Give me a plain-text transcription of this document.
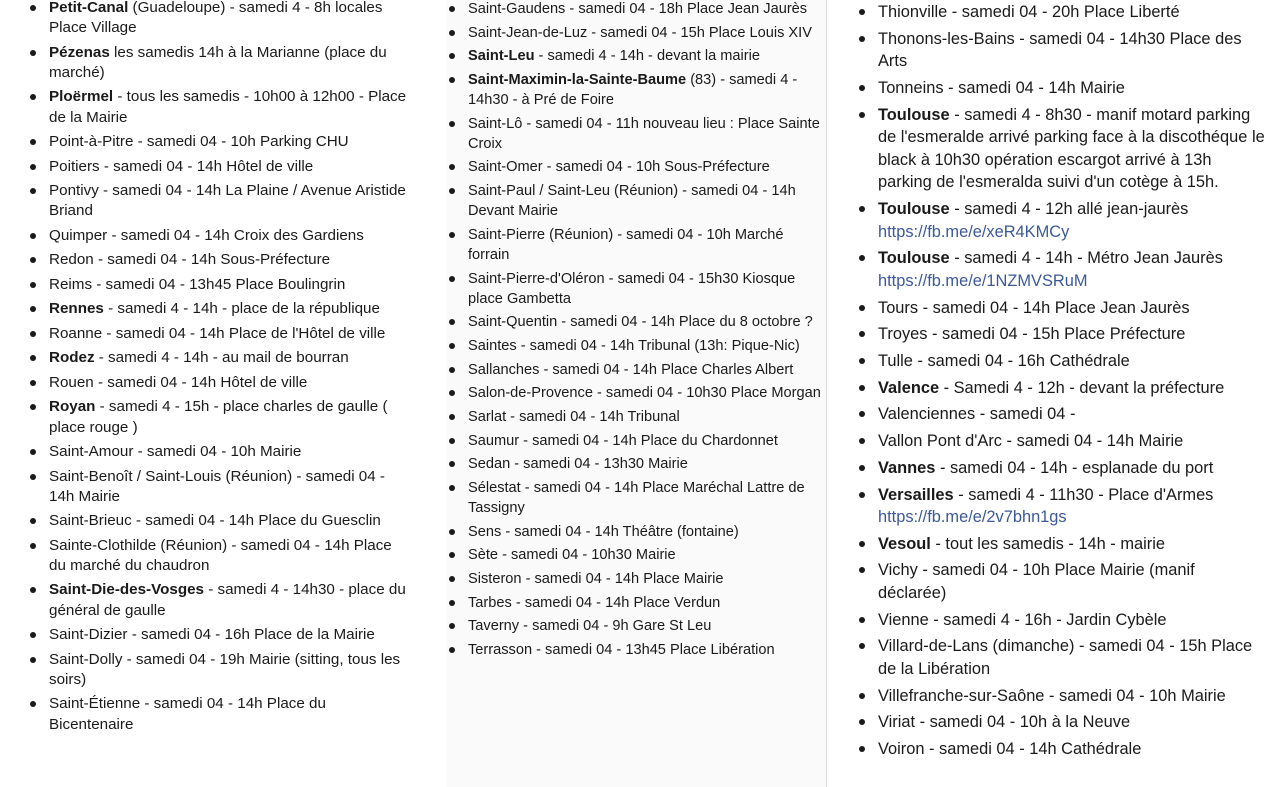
Petit-Canal (Guadeloupe) - samedi 4 - 8h locales Place Village
Pézenas les samedis 14h à la Marianne (place du marché)
Ploërmel - tous les samedis - 10h00 à 12h00 - Place de la Mairie
Point-à-Pitre - samedi 04 - 10h Parking CHU
Poitiers - samedi 04 - 14h Hôtel de ville
Pontivy - samedi 04 - 14h La Plaine / Avenue Aristide Briand
Quimper - samedi 04 - 14h Croix des Gardiens
Redon - samedi 04 - 14h Sous-Préfecture
Reims - samedi 04 - 13h45 Place Boulingrin
Rennes - samedi 4 - 14h - place de la république
Roanne - samedi 04 - 14h Place de l'Hôtel de ville
Rodez - samedi 4 - 14h - au mail de bourran
Rouen - samedi 04 - 14h Hôtel de ville
Royan - samedi 4 - 15h - place charles de gaulle ( place rouge )
Saint-Amour - samedi 04 - 10h Mairie
Saint-Benoît / Saint-Louis (Réunion) - samedi 04 - 14h Mairie
Saint-Brieuc - samedi 04 - 14h Place du Guesclin
Sainte-Clothilde (Réunion) - samedi 04 - 14h Place du marché du chaudron
Saint-Die-des-Vosges - samedi 4 - 14h30 - place du général de gaulle
Saint-Dizier - samedi 04 - 16h Place de la Mairie
Saint-Dolly - samedi 04 - 19h Mairie (sitting, tous les soirs)
Saint-Étienne - samedi 04 - 14h Place du Bicentenaire
Saint-Gaudens - samedi 04 - 18h Place Jean Jaurès
Saint-Jean-de-Luz - samedi 04 - 15h Place Louis XIV
Saint-Leu - samedi 4 - 14h - devant la mairie
Saint-Maximin-la-Sainte-Baume (83) - samedi 4 - 14h30 - à Pré de Foire
Saint-Lô - samedi 04 - 11h nouveau lieu : Place Sainte Croix
Saint-Omer - samedi 04 - 10h Sous-Préfecture
Saint-Paul / Saint-Leu (Réunion) - samedi 04 - 14h Devant Mairie
Saint-Pierre (Réunion) - samedi 04 - 10h Marché forrain
Saint-Pierre-d'Oléron - samedi 04 - 15h30 Kiosque place Gambetta
Saint-Quentin - samedi 04 - 14h Place du 8 octobre ?
Saintes - samedi 04 - 14h Tribunal (13h: Pique-Nic)
Sallanches - samedi 04 - 14h Place Charles Albert
Salon-de-Provence - samedi 04 - 10h30 Place Morgan
Sarlat - samedi 04 - 14h Tribunal
Saumur - samedi 04 - 14h Place du Chardonnet
Sedan - samedi 04 - 13h30 Mairie
Sélestat - samedi 04 - 14h Place Maréchal Lattre de Tassigny
Sens - samedi 04 - 14h Théâtre (fontaine)
Sète - samedi 04 - 10h30 Mairie
Sisteron - samedi 04 - 14h Place Mairie
Tarbes - samedi 04 - 14h Place Verdun
Taverny - samedi 04 - 9h Gare St Leu
Terrasson - samedi 04 - 13h45 Place Libération
Thionville - samedi 04 - 20h Place Liberté
Thonons-les-Bains - samedi 04 - 14h30 Place des Arts
Tonneins - samedi 04 - 14h Mairie
Toulouse - samedi 4 - 8h30 - manif motard parking de l'esmeralde arrivé parking face à la discothéque le black à 10h30 opération escargot arrivé à 13h parking de l'esmeralda suivi d'un cotège à 15h.
Toulouse - samedi 4 - 12h allé jean-jaurès
https://fb.me/e/xeR4KMCy
Toulouse - samedi 4 - 14h - Métro Jean Jaurès
https://fb.me/e/1NZMVSRuM
Tours - samedi 04 - 14h Place Jean Jaurès
Troyes - samedi 04 - 15h Place Préfecture
Tulle - samedi 04 - 16h Cathédrale
Valence - Samedi 4 - 12h - devant la préfecture
Valenciennes - samedi 04 -
Vallon Pont d'Arc - samedi 04 - 14h Mairie
Vannes - samedi 04 - 14h - esplanade du port
Versailles - samedi 4 - 11h30 - Place d'Armes
https://fb.me/e/2v7bhn1gs
Vesoul - tout les samedis - 14h - mairie
Vichy - samedi 04 - 10h Place Mairie (manif déclarée)
Vienne - samedi 4 - 16h - Jardin Cybèle
Villard-de-Lans (dimanche) - samedi 04 - 15h Place de la Libération
Villefranche-sur-Saône - samedi 04 - 10h Mairie
Viriat - samedi 04 - 10h à la Neuve
Voiron - samedi 04 - 14h Cathédrale
